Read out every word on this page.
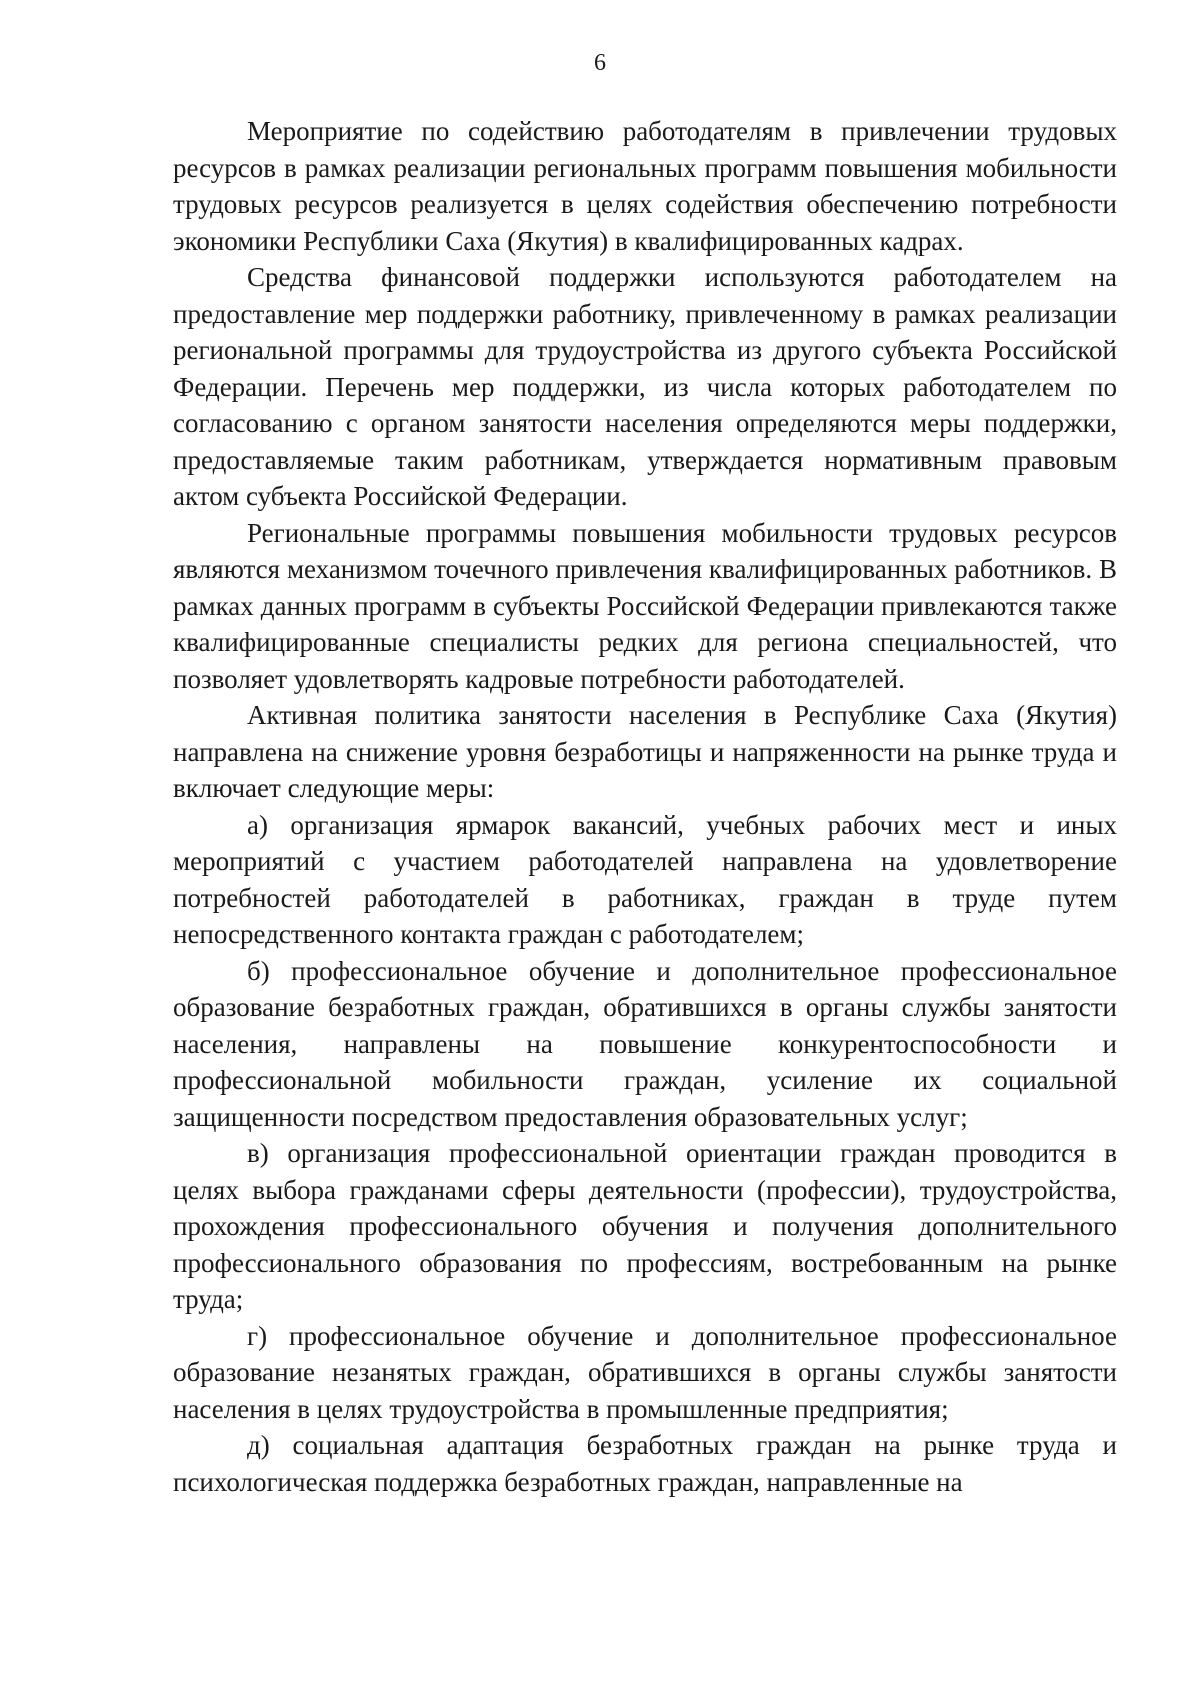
6

Мероприятие по содействию работодателям в привлечении трудовых ресурсов в рамках реализации региональных программ повышения мобильности трудовых ресурсов реализуется в целях содействия обеспечению потребности экономики Республики Саха (Якутия) в квалифицированных кадрах.

Средства финансовой поддержки используются работодателем на предоставление мер поддержки работнику, привлеченному в рамках реализации региональной программы для трудоустройства из другого субъекта Российской Федерации. Перечень мер поддержки, из числа которых работодателем по согласованию с органом занятости населения определяются меры поддержки, предоставляемые таким работникам, утверждается нормативным правовым актом субъекта Российской Федерации.

Региональные программы повышения мобильности трудовых ресурсов являются механизмом точечного привлечения квалифицированных работников. В рамках данных программ в субъекты Российской Федерации привлекаются также квалифицированные специалисты редких для региона специальностей, что позволяет удовлетворять кадровые потребности работодателей.

Активная политика занятости населения в Республике Саха (Якутия) направлена на снижение уровня безработицы и напряженности на рынке труда и включает следующие меры:

а) организация ярмарок вакансий, учебных рабочих мест и иных мероприятий с участием работодателей направлена на удовлетворение потребностей работодателей в работниках, граждан в труде путем непосредственного контакта граждан с работодателем;

б) профессиональное обучение и дополнительное профессиональное образование безработных граждан, обратившихся в органы службы занятости населения, направлены на повышение конкурентоспособности и профессиональной мобильности граждан, усиление их социальной защищенности посредством предоставления образовательных услуг;

в) организация профессиональной ориентации граждан проводится в целях выбора гражданами сферы деятельности (профессии), трудоустройства, прохождения профессионального обучения и получения дополнительного профессионального образования по профессиям, востребованным на рынке труда;

г) профессиональное обучение и дополнительное профессиональное образование незанятых граждан, обратившихся в органы службы занятости населения в целях трудоустройства в промышленные предприятия;

д) социальная адаптация безработных граждан на рынке труда и психологическая поддержка безработных граждан, направленные на
